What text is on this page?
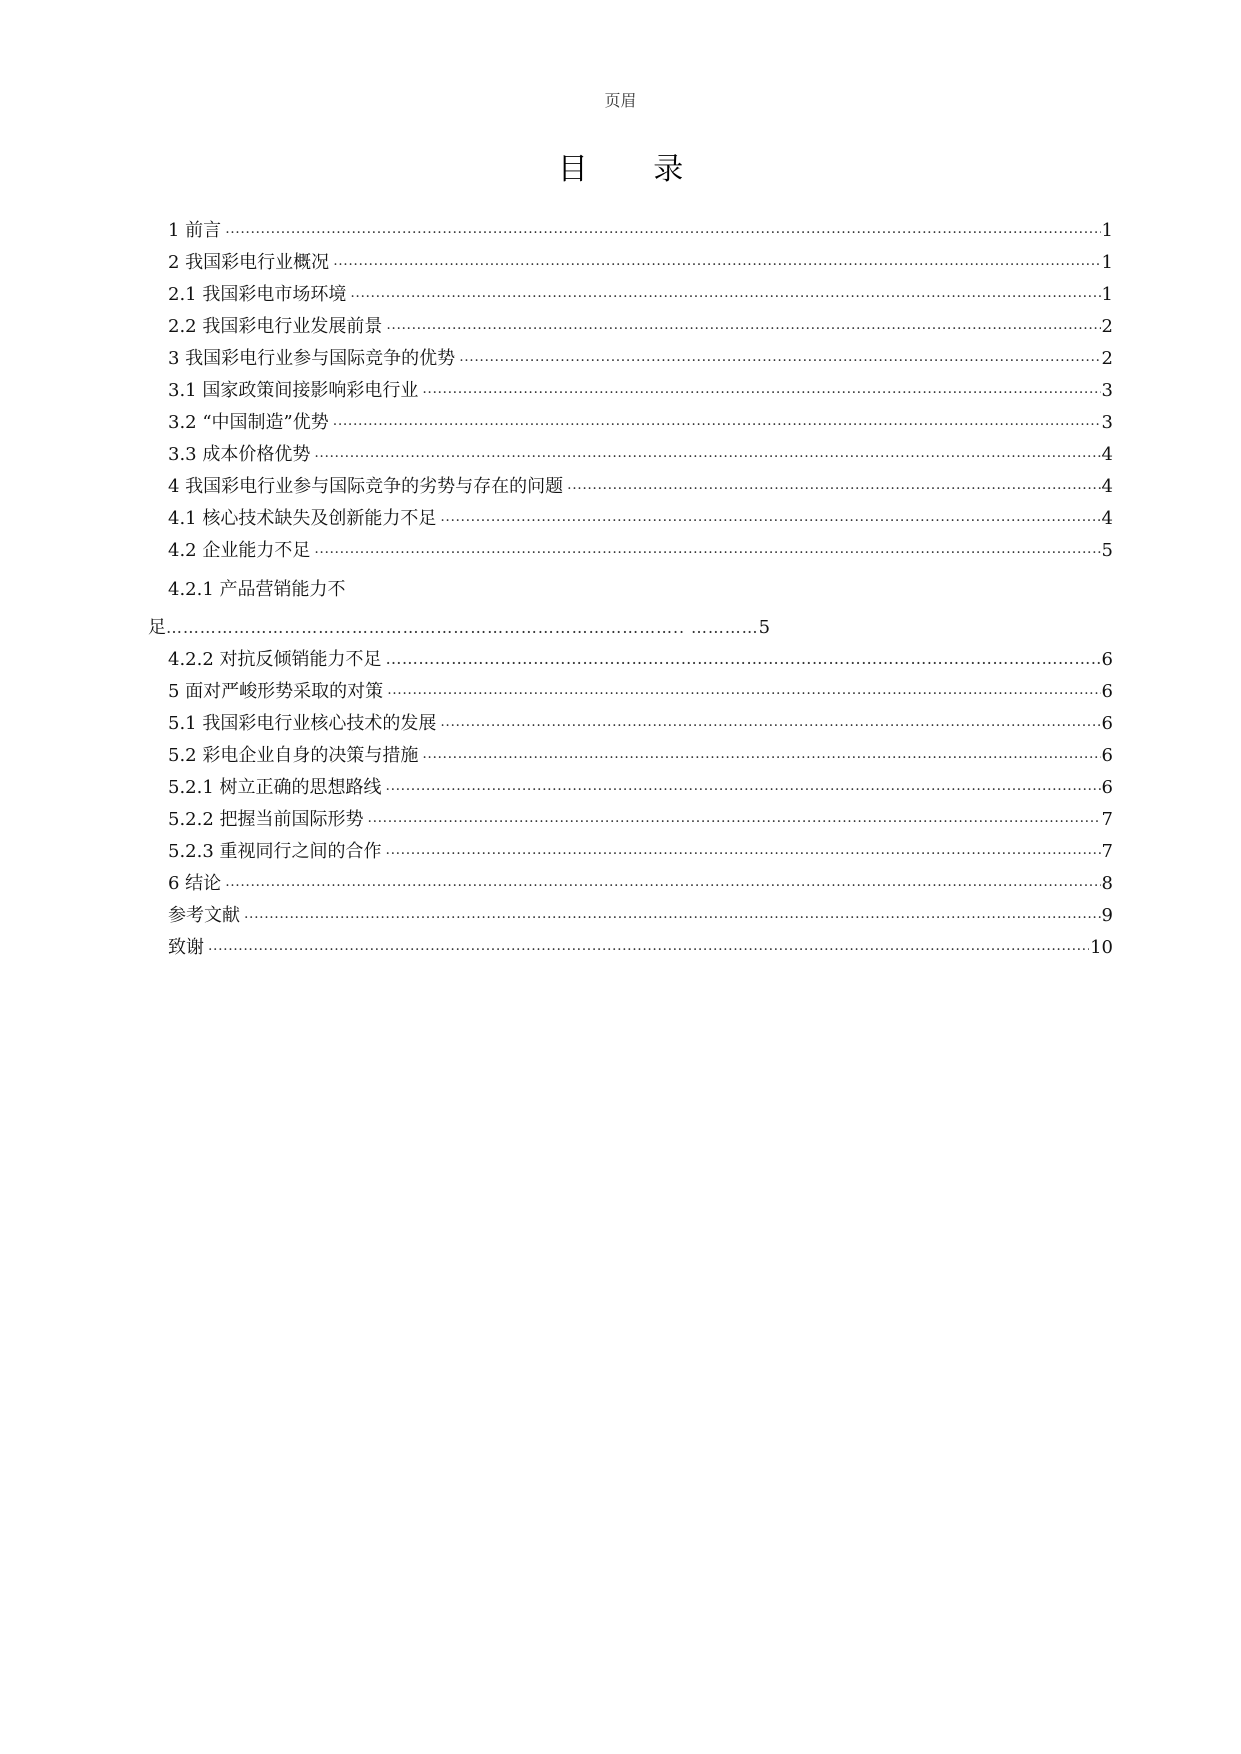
页眉
目 录
1 前言 .....	1
2 我国彩电行业概况 .....	1
2.1 我国彩电市场环境 .....	1
2.2 我国彩电行业发展前景 .....	2
3 我国彩电行业参与国际竞争的优势 .....	2
3.1 国家政策间接影响彩电行业 .....	3
3.2 “中国制造”优势 .....	3
3.3 成本价格优势 .....	4
4 我国彩电行业参与国际竞争的劣势与存在的问题 .....	4
4.1 核心技术缺失及创新能力不足 .....	4
4.2 企业能力不足 .....	5
4.2.1 产品营销能力不
足……………………………………………………………………………….. …………5
4.2.2 对抗反倾销能力不足 ……………………………………………………………………………………………………………………………………………………	6
5 面对严峻形势采取的对策 .....	6
5.1 我国彩电行业核心技术的发展 .....	6
5.2 彩电企业自身的决策与措施 .....	6
5.2.1 树立正确的思想路线 .....	6
5.2.2 把握当前国际形势 .....	7
5.2.3 重视同行之间的合作 .....	7
6 结论 .....	8
参考文献 .....	9
致谢 .....	10
